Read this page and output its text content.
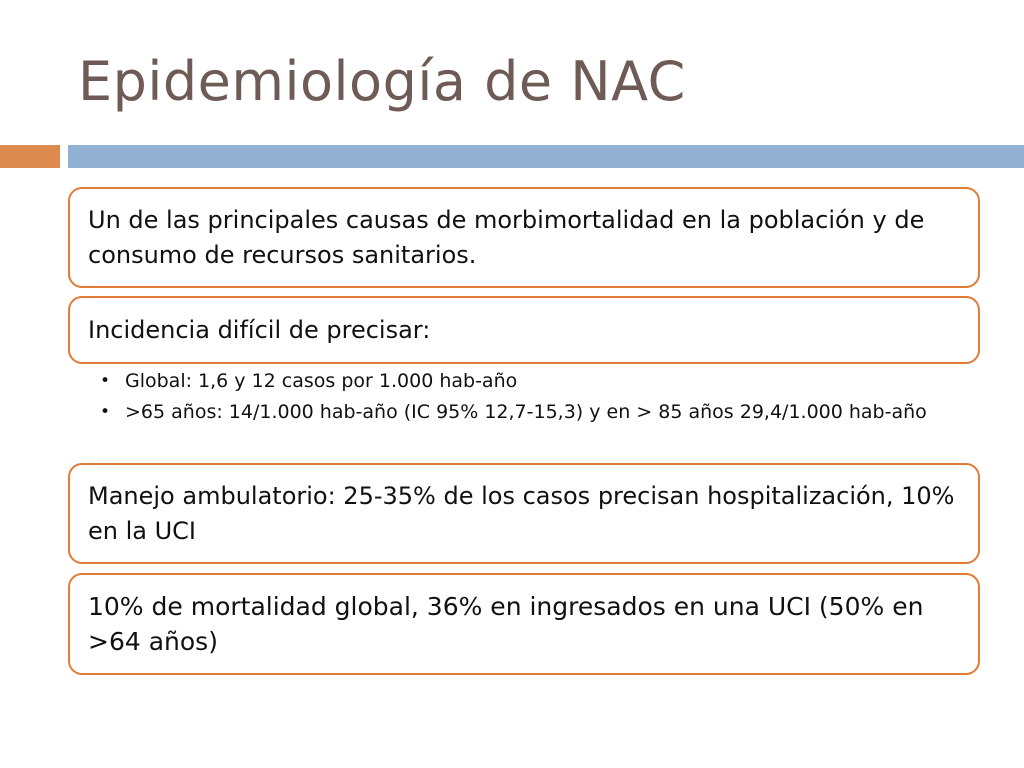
Epidemiología de NAC
Un de las principales causas de morbimortalidad en la población y de consumo de recursos sanitarios.
Incidencia difícil de precisar:
• Global: 1,6 y 12 casos por 1.000 hab-año
• >65 años: 14/1.000 hab-año (IC 95% 12,7-15,3) y en > 85 años 29,4/1.000 hab-año
Manejo ambulatorio: 25-35% de los casos precisan hospitalización, 10% en la UCI
10% de mortalidad global, 36% en ingresados en una UCI (50% en >64 años)
